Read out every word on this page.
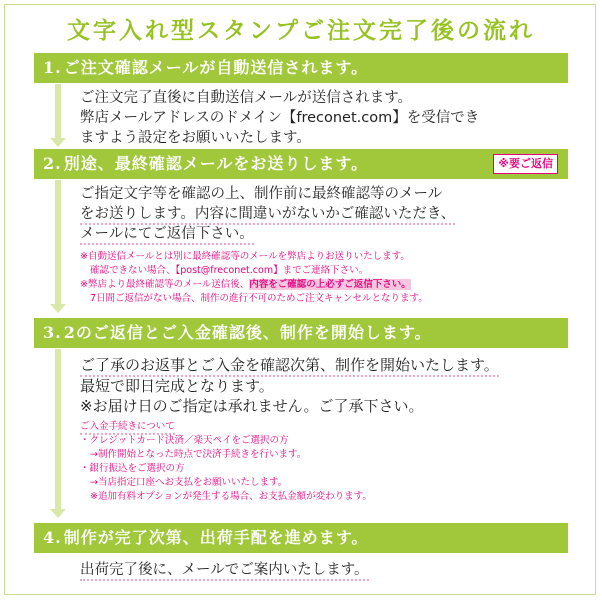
文字入れ型スタンプご注文完了後の流れ
1. ご注文確認メールが自動送信されます。
ご注文完了直後に自動送信メールが送信されます。
弊店メールアドレスのドメイン【freconet.com】を受信でき
ますよう設定をお願いいたします。
2. 別途、最終確認メールをお送りします。	※要ご返信
ご指定文字等を確認の上、制作前に最終確認等のメール
をお送りします。内容に間違いがないかご確認いただき、
メールにてご返信下さい。
※自動送信メールとは別に最終確認等のメールを弊店よりお送りいたします。
確認できない場合、【post@freconet.com】までご連絡下さい。
※弊店より最終確認等のメール送信後、内容をご確認の上必ずご返信下さい。
7日間ご返信がない場合、制作の進行不可のためご注文キャンセルとなります。
3. 2のご返信とご入金確認後、制作を開始します。
ご了承のお返事とご入金を確認次第、制作を開始いたします。
最短で即日完成となります。
※お届け日のご指定は承れません。ご了承下さい。
ご入金手続きについて
・クレジットカード決済／楽天ペイをご選択の方
→制作開始となった時点で決済手続きを行います。
・銀行振込をご選択の方
→当店指定口座へお支払をお願いいたします。
※追加有料オプションが発生する場合、お支払金額が変わります。
4. 制作が完了次第、出荷手配を進めます。
出荷完了後に、メールでご案内いたします。
